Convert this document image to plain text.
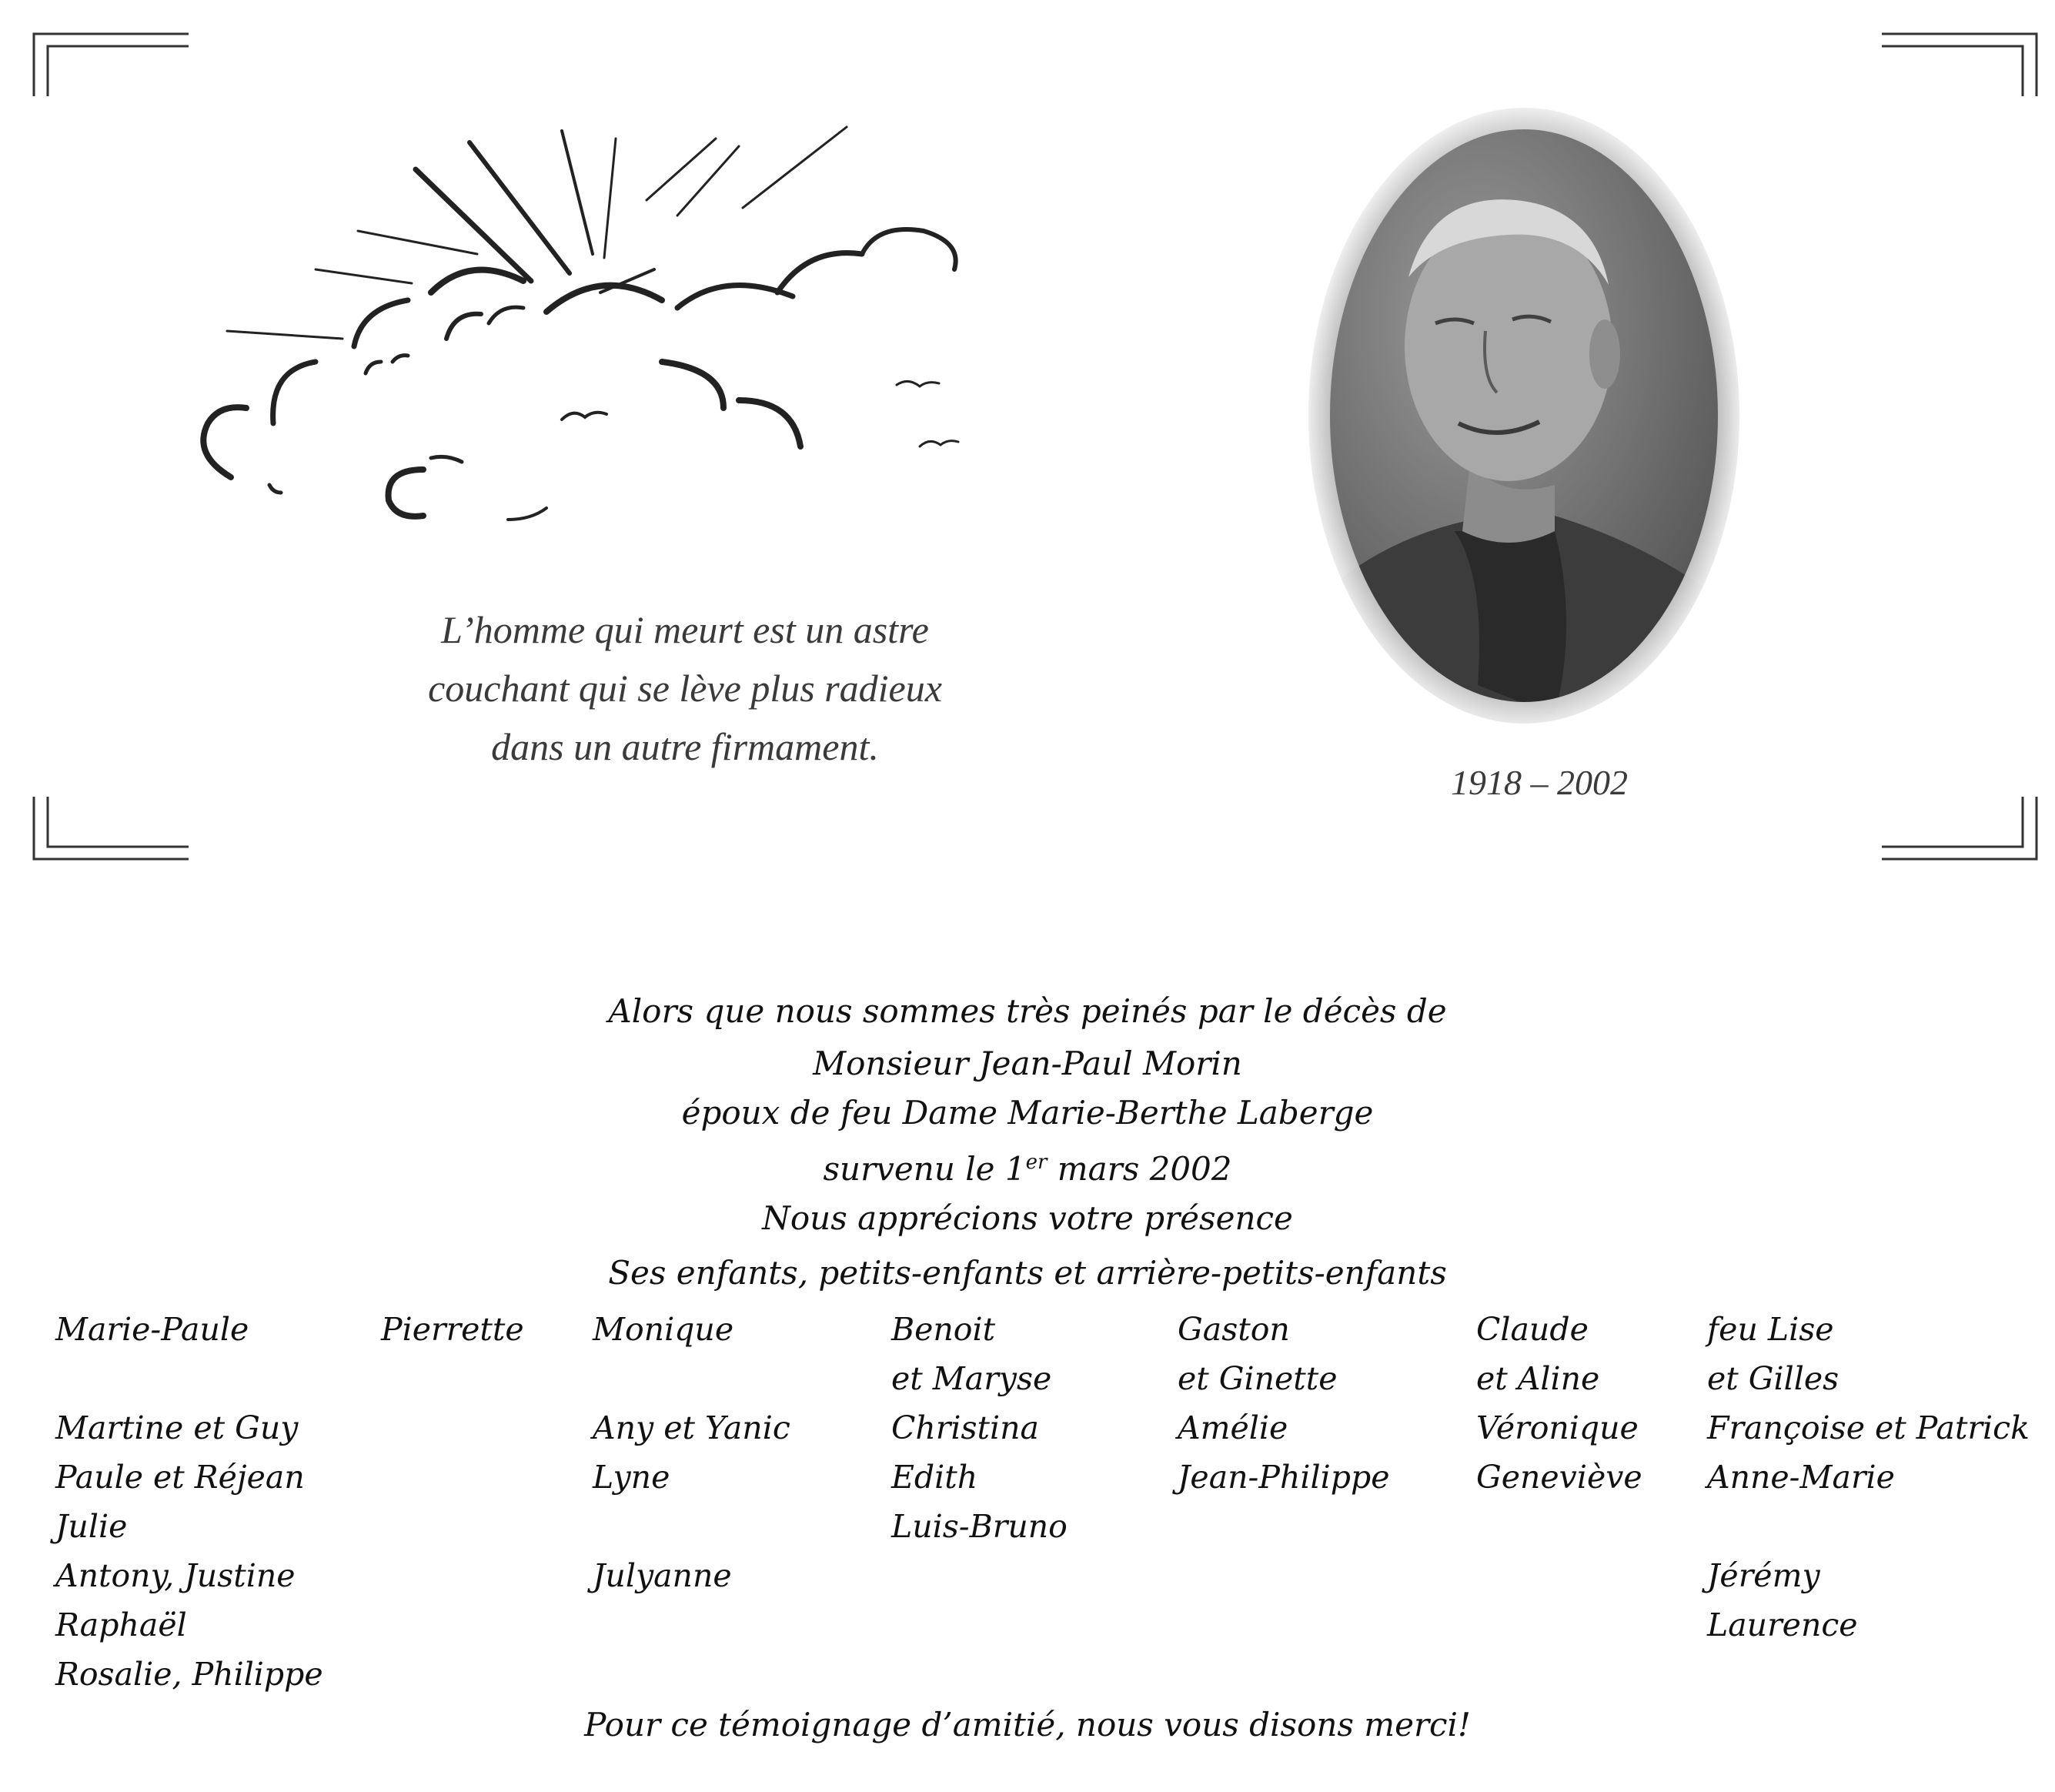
L’homme qui meurt est un astre
couchant qui se lève plus radieux
dans un autre firmament.
1918 – 2002
Alors que nous sommes très peinés par le décès de
Monsieur Jean-Paul Morin
époux de feu Dame Marie-Berthe Laberge
survenu le 1er mars 2002
Nous apprécions votre présence
Ses enfants, petits-enfants et arrière-petits-enfants
Marie-Paule
Martine et Guy
Paule et Réjean
Julie
Antony, Justine
Raphaël
Rosalie, Philippe
Pierrette Monique
Any et Yanic
Lyne
Julyanne
Benoit
et Maryse
Christina
Edith
Luis-Bruno
Gaston
et Ginette
Amélie
Jean-Philippe
Claude
et Aline
Véronique
Geneviève
feu Lise
et Gilles
Françoise et Patrick
Anne-Marie
Jérémy
Laurence
Pour ce témoignage d’amitié, nous vous disons merci!
